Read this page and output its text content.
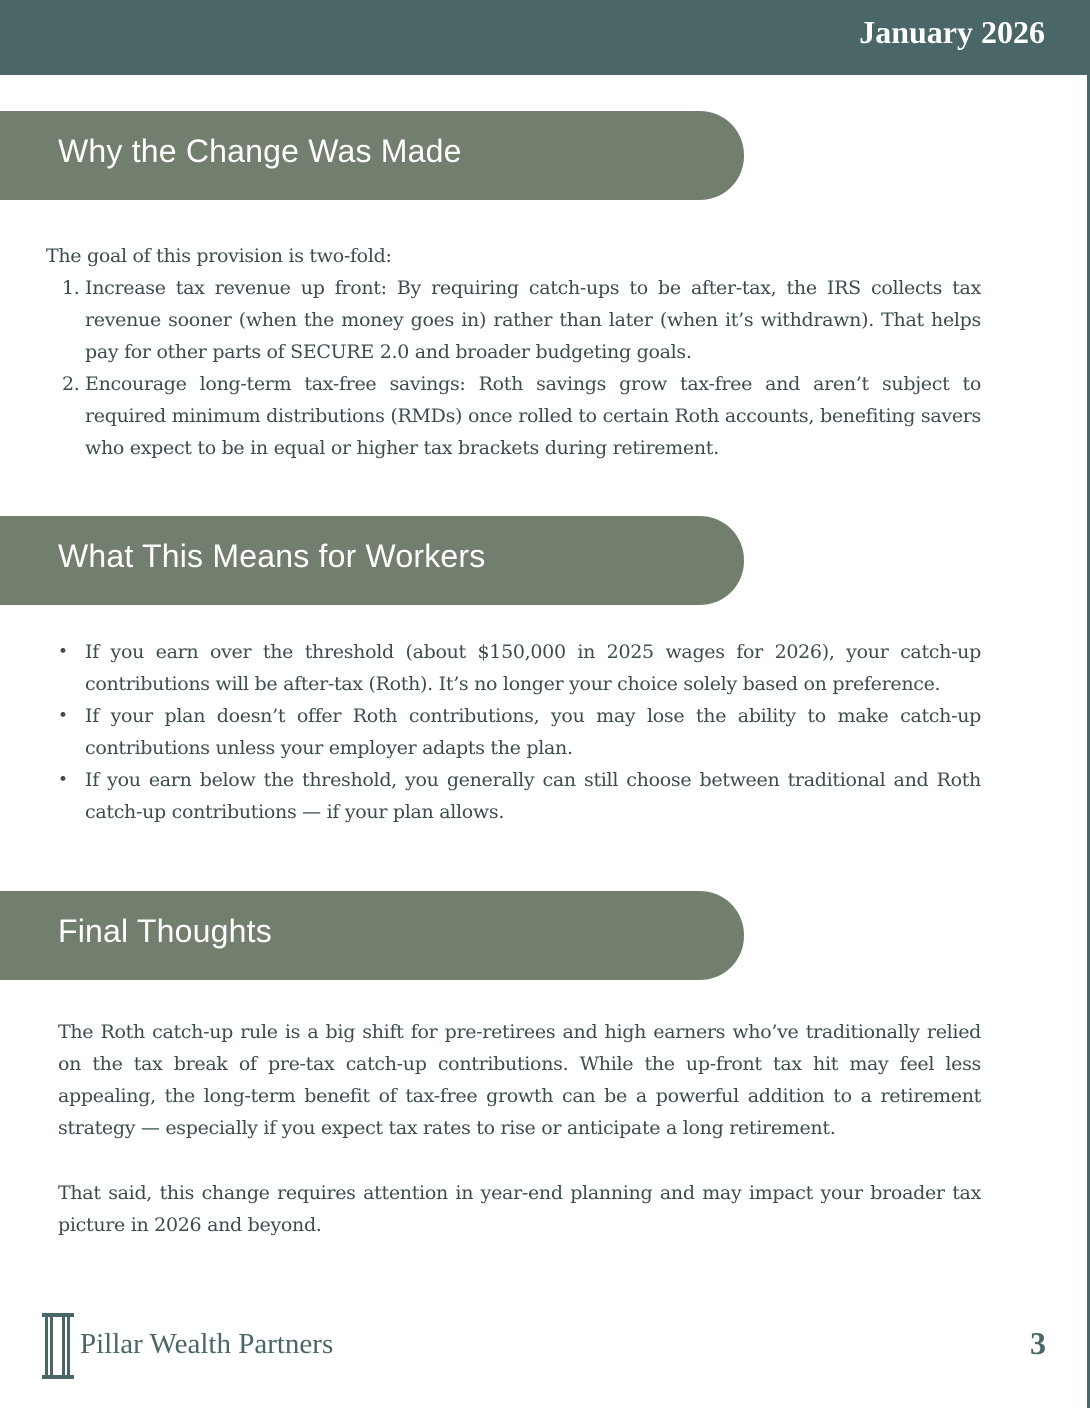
January 2026
Why the Change Was Made
The goal of this provision is two-fold:
1. Increase tax revenue up front: By requiring catch-ups to be after-tax, the IRS collects tax revenue sooner (when the money goes in) rather than later (when it’s withdrawn). That helps pay for other parts of SECURE 2.0 and broader budgeting goals.
2. Encourage long-term tax-free savings: Roth savings grow tax-free and aren’t subject to required minimum distributions (RMDs) once rolled to certain Roth accounts, benefiting savers who expect to be in equal or higher tax brackets during retirement.
What This Means for Workers
• If you earn over the threshold (about $150,000 in 2025 wages for 2026), your catch-up contributions will be after-tax (Roth). It’s no longer your choice solely based on preference.
• If your plan doesn’t offer Roth contributions, you may lose the ability to make catch-up contributions unless your employer adapts the plan.
• If you earn below the threshold, you generally can still choose between traditional and Roth catch-up contributions — if your plan allows.
Final Thoughts
The Roth catch-up rule is a big shift for pre-retirees and high earners who’ve traditionally relied on the tax break of pre-tax catch-up contributions. While the up-front tax hit may feel less appealing, the long-term benefit of tax-free growth can be a powerful addition to a retirement strategy — especially if you expect tax rates to rise or anticipate a long retirement.
That said, this change requires attention in year-end planning and may impact your broader tax picture in 2026 and beyond.
Pillar Wealth Partners	3
